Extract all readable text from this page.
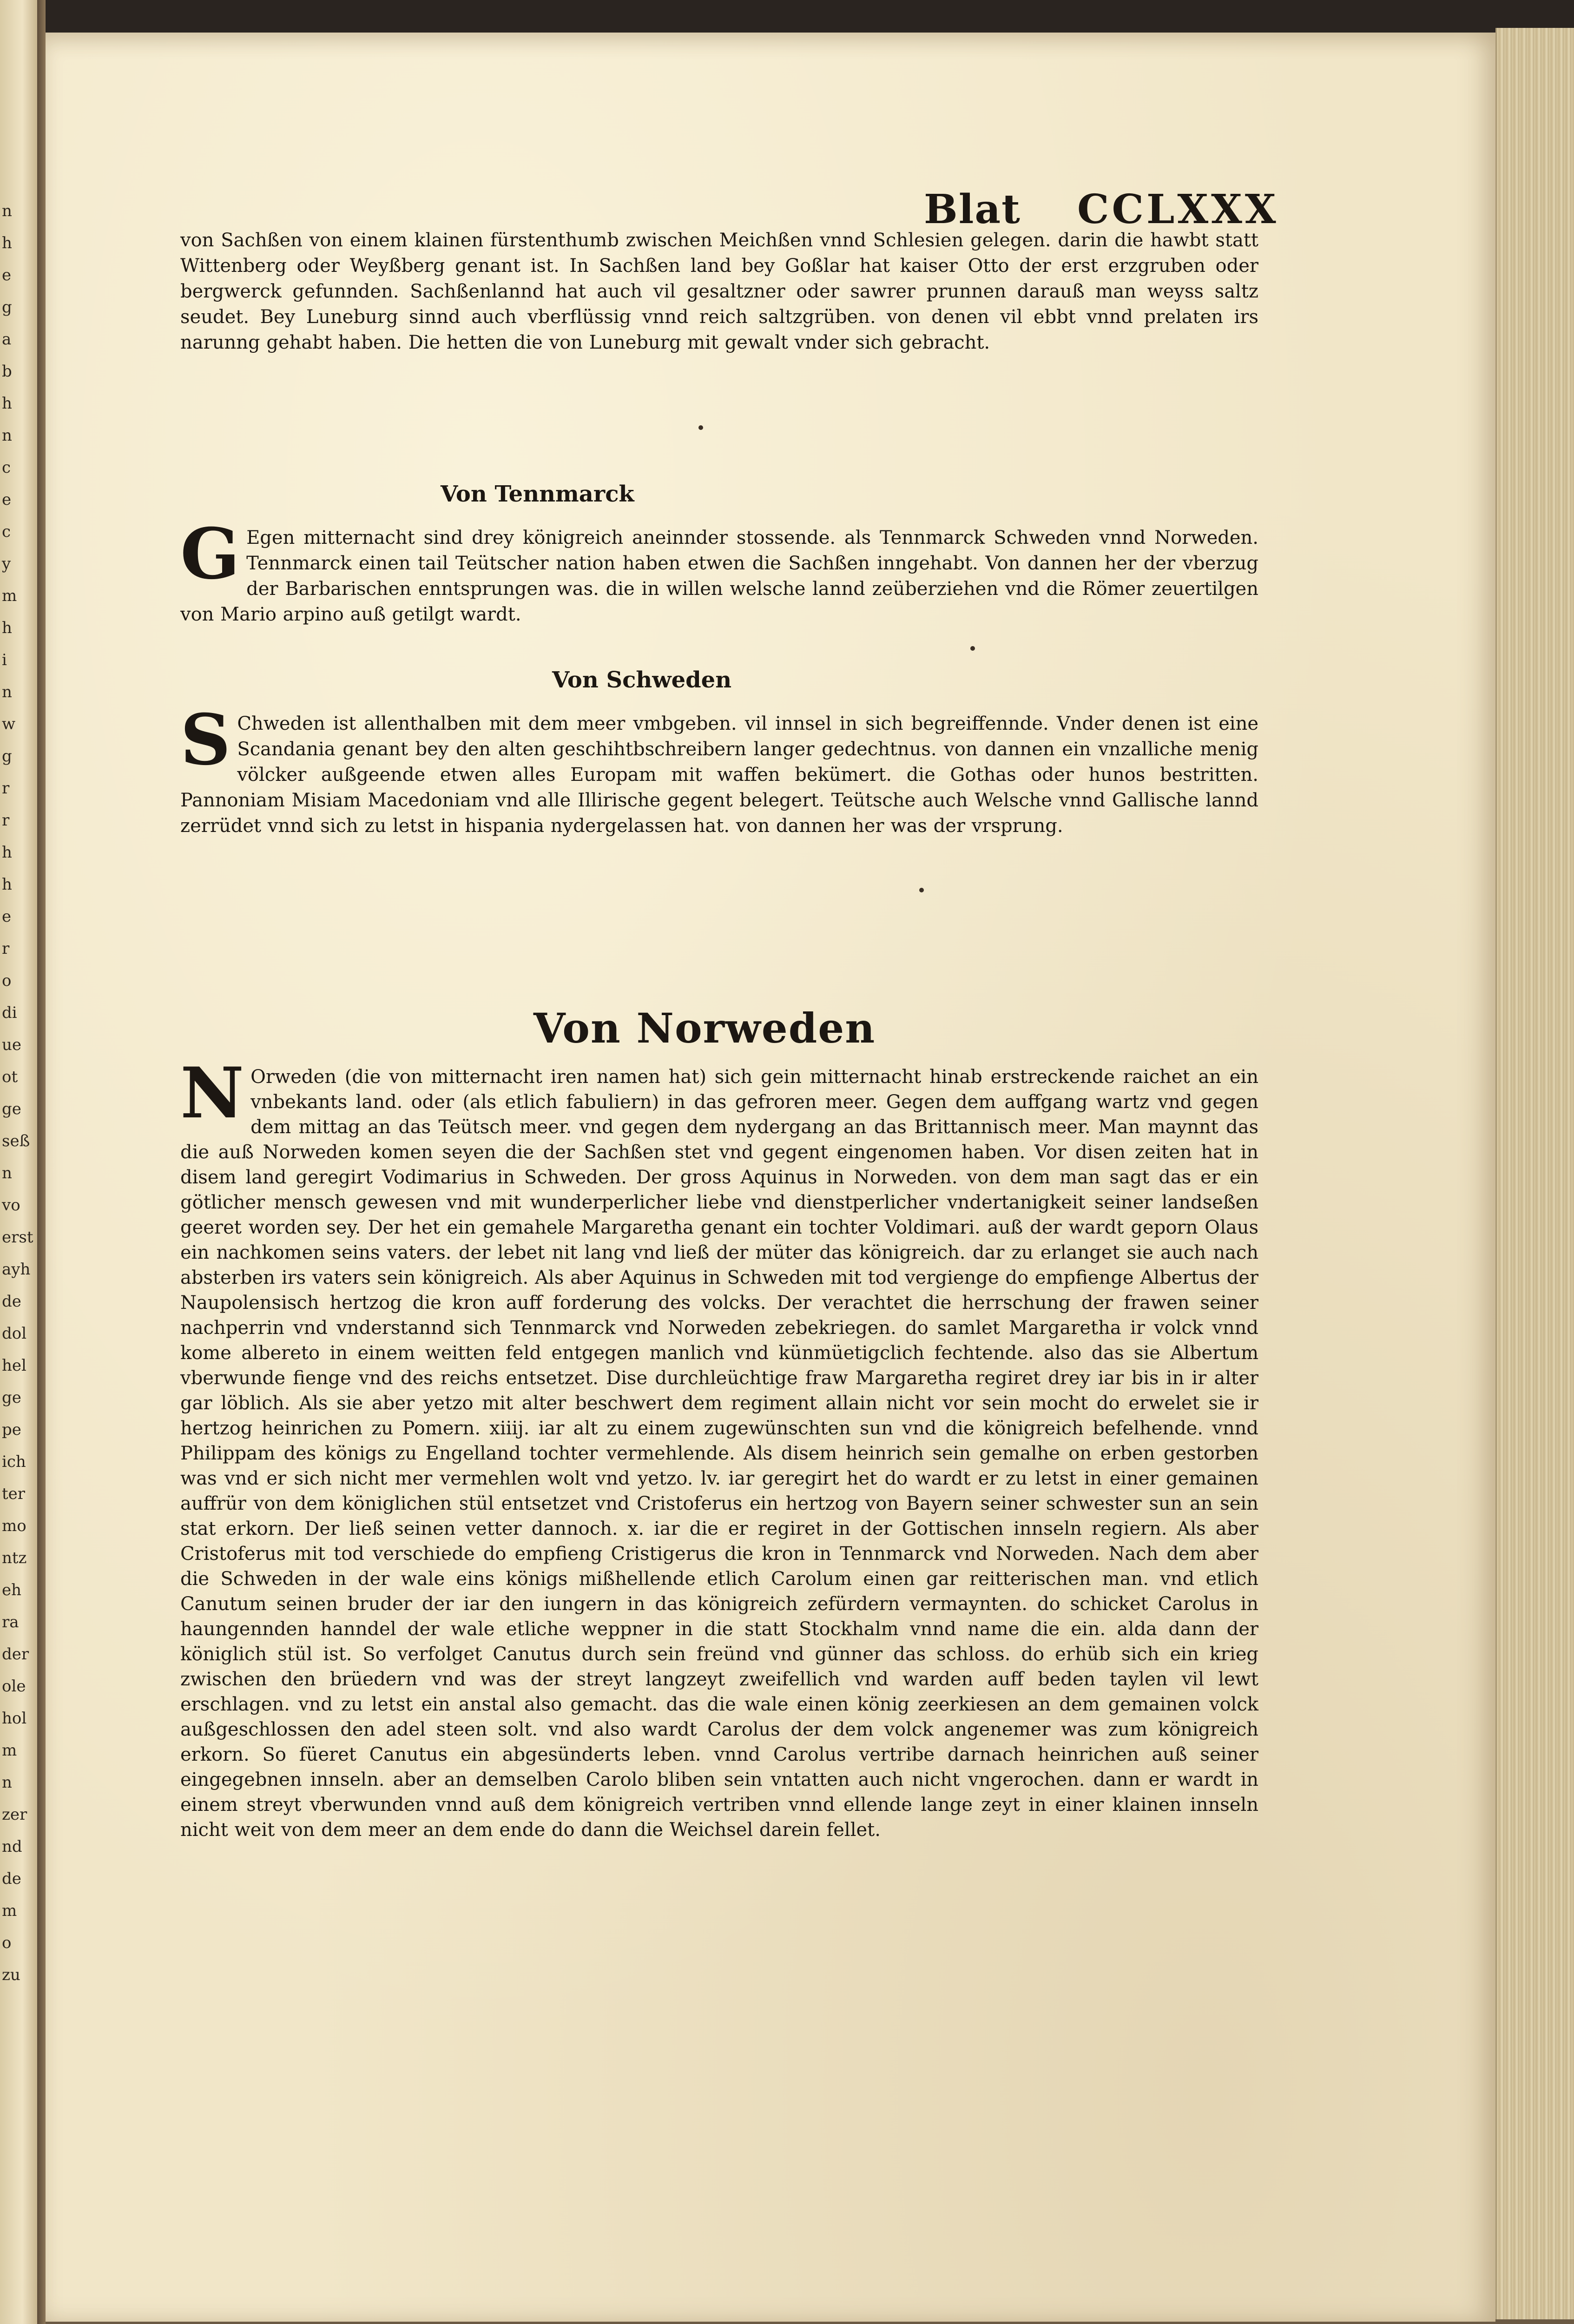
n
h
e
g
a
b
h
n
c
e
c
y
m
h
i
n
w
g
r
r
h
h
e
r
o
di
ue
ot
ge
seß
n
vo
erst
ayh
de
dol
hel
ge
pe
ich
ter
mo
ntz
eh
ra
der
ole
hol
m
n
zer
nd
de
m
o
zu
Blat CCLXXX

von Sachßen von einem klainen fürstenthumb zwischen Meichßen vnnd Schlesien gelegen. darin die hawbt statt Wittenberg oder Weyßberg genant ist. In Sachßen land bey Goßlar hat kaiser Otto der erst erzgruben oder bergwerck gefunnden. Sachßenlannd hat auch vil gesaltzner oder sawrer prunnen darauß man weyss saltz seudet. Bey Luneburg sinnd auch vberflüssig vnnd reich saltzgrüben. von denen vil ebbt vnnd prelaten irs narunng gehabt haben. Die hetten die von Luneburg mit gewalt vnder sich gebracht.

Von Tennmarck
G Egen mitternacht sind drey königreich aneinnder stossende. als Tennmarck Schweden vnnd Norweden. Tennmarck einen tail Teütscher nation haben etwen die Sachßen inngehabt. Von dannen her der vberzug der Barbarischen enntsprungen was. die in willen welsche lannd zeüberziehen vnd die Römer zeuertilgen von Mario arpino auß getilgt wardt.

Von Schweden
S Chweden ist allenthalben mit dem meer vmbgeben. vil innsel in sich begreiffennde. Vnder denen ist eine Scandania genant bey den alten geschihtbschreibern langer gedechtnus. von dannen ein vnzalliche menig völcker außgeende etwen alles Europam mit waffen bekümert. die Gothas oder hunos bestritten. Pannoniam Misiam Macedoniam vnd alle Illirische gegent belegert. Teütsche auch Welsche vnnd Gallische lannd zerrüdet vnnd sich zu letst in hispania nydergelassen hat. von dannen her was der vrsprung.

Von Norweden
N Orweden (die von mitternacht iren namen hat) sich gein mitternacht hinab erstreckende raichet an ein vnbekants land. oder (als etlich fabuliern) in das gefroren meer. Gegen dem auffgang wartz vnd gegen dem mittag an das Teütsch meer. vnd gegen dem nydergang an das Brittannisch meer. Man maynnt das die auß Norweden komen seyen die der Sachßen stet vnd gegent eingenomen haben. Vor disen zeiten hat in disem land geregirt Vodimarius in Schweden. Der gross Aquinus in Norweden. von dem man sagt das er ein götlicher mensch gewesen vnd mit wunderperlicher liebe vnd dienstperlicher vndertanigkeit seiner landseßen geeret worden sey. Der het ein gemahele Margaretha genant ein tochter Voldimari. auß der wardt geporn Olaus ein nachkomen seins vaters. der lebet nit lang vnd ließ der müter das königreich. dar zu erlanget sie auch nach absterben irs vaters sein königreich. Als aber Aquinus in Schweden mit tod vergienge do empfienge Albertus der Naupolensisch hertzog die kron auff forderung des volcks. Der verachtet die herrschung der frawen seiner nachperrin vnd vnderstannd sich Tennmarck vnd Norweden zebekriegen. do samlet Margaretha ir volck vnnd kome albereto in einem weitten feld entgegen manlich vnd künmüetigclich fechtende. also das sie Albertum vberwunde fienge vnd des reichs entsetzet. Dise durchleüchtige fraw Margaretha regiret drey iar bis in ir alter gar löblich. Als sie aber yetzo mit alter beschwert dem regiment allain nicht vor sein mocht do erwelet sie ir hertzog heinrichen zu Pomern. xiiij. iar alt zu einem zugewünschten sun vnd die königreich befelhende. vnnd Philippam des königs zu Engelland tochter vermehlende. Als disem heinrich sein gemalhe on erben gestorben was vnd er sich nicht mer vermehlen wolt vnd yetzo. lv. iar geregirt het do wardt er zu letst in einer gemainen auffrür von dem königlichen stül entsetzet vnd Cristoferus ein hertzog von Bayern seiner schwester sun an sein stat erkorn. Der ließ seinen vetter dannoch. x. iar die er regiret in der Gottischen innseln regiern. Als aber Cristoferus mit tod verschiede do empfieng Cristigerus die kron in Tennmarck vnd Norweden. Nach dem aber die Schweden in der wale eins königs mißhellende etlich Carolum einen gar reitterischen man. vnd etlich Canutum seinen bruder der iar den iungern in das königreich zefürdern vermaynten. do schicket Carolus in haungennden hanndel der wale etliche weppner in die statt Stockhalm vnnd name die ein. alda dann der königlich stül ist. So verfolget Canutus durch sein freünd vnd günner das schloss. do erhüb sich ein krieg zwischen den brüedern vnd was der streyt langzeyt zweifellich vnd warden auff beden taylen vil lewt erschlagen. vnd zu letst ein anstal also gemacht. das die wale einen könig zeerkiesen an dem gemainen volck außgeschlossen den adel steen solt. vnd also wardt Carolus der dem volck angenemer was zum königreich erkorn. So füeret Canutus ein abgesünderts leben. vnnd Carolus vertribe darnach heinrichen auß seiner eingegebnen innseln. aber an demselben Carolo bliben sein vntatten auch nicht vngerochen. dann er wardt in einem streyt vberwunden vnnd auß dem königreich vertriben vnnd ellende lange zeyt in einer klainen innseln nicht weit von dem meer an dem ende do dann die Weichsel darein fellet.
